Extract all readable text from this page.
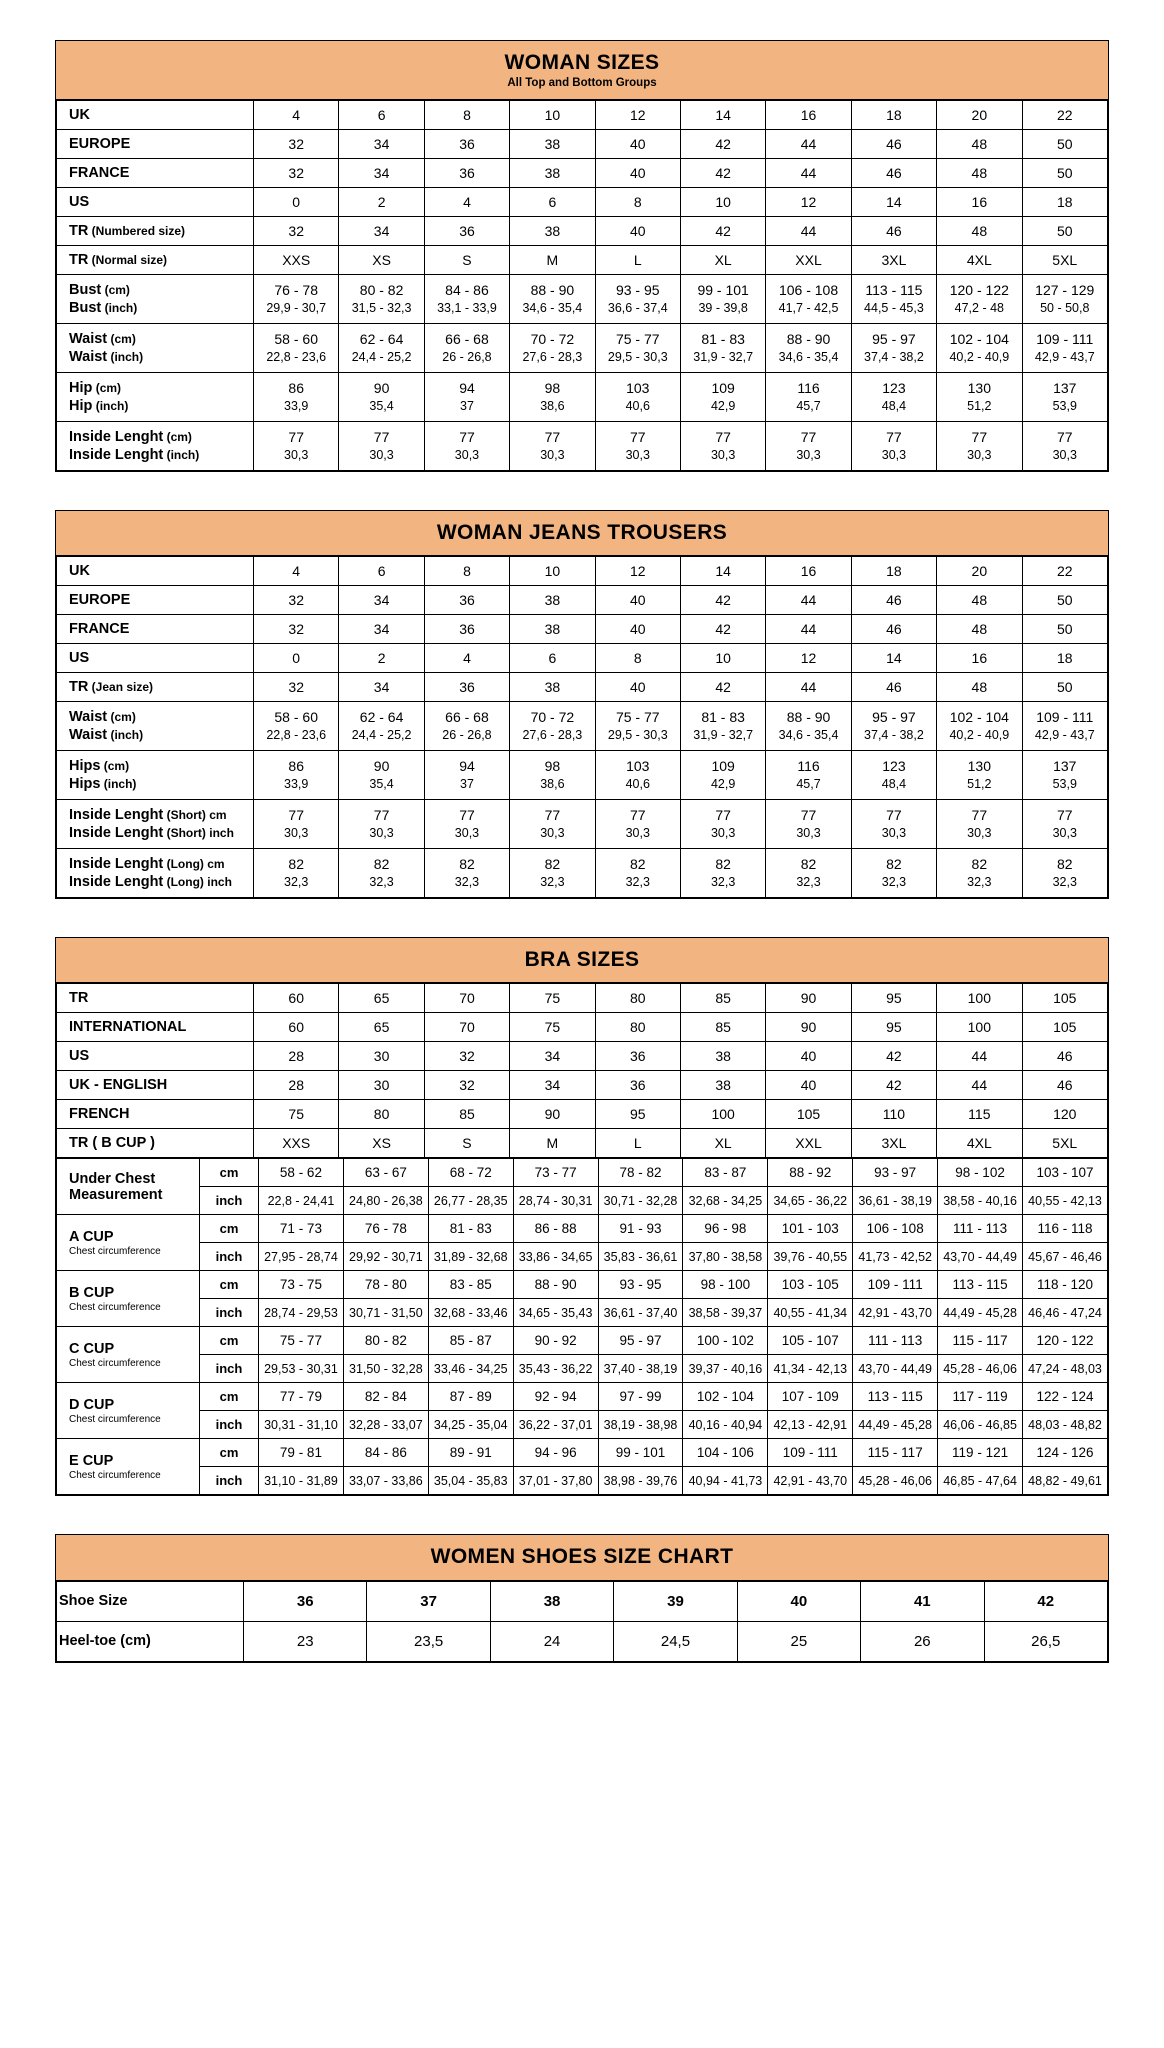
WOMAN SIZES
All Top and Bottom Groups
UK	4	6	8	10	12	14	16	18	20	22
EUROPE	32	34	36	38	40	42	44	46	48	50
FRANCE	32	34	36	38	40	42	44	46	48	50
US	0	2	4	6	8	10	12	14	16	18
TR (Numbered size)	32	34	36	38	40	42	44	46	48	50
TR (Normal size)	XXS	XS	S	M	L	XL	XXL	3XL	4XL	5XL
Bust (cm)	76 - 78	80 - 82	84 - 86	88 - 90	93 - 95	99 - 101	106 - 108	113 - 115	120 - 122	127 - 129
Bust (inch)	29,9 - 30,7	31,5 - 32,3	33,1 - 33,9	34,6 - 35,4	36,6 - 37,4	39 - 39,8	41,7 - 42,5	44,5 - 45,3	47,2 - 48	50 - 50,8
Waist (cm)	58 - 60	62 - 64	66 - 68	70 - 72	75 - 77	81 - 83	88 - 90	95 - 97	102 - 104	109 - 111
Waist (inch)	22,8 - 23,6	24,4 - 25,2	26 - 26,8	27,6 - 28,3	29,5 - 30,3	31,9 - 32,7	34,6 - 35,4	37,4 - 38,2	40,2 - 40,9	42,9 - 43,7
Hip (cm)	86	90	94	98	103	109	116	123	130	137
Hip (inch)	33,9	35,4	37	38,6	40,6	42,9	45,7	48,4	51,2	53,9
Inside Lenght (cm)	77	77	77	77	77	77	77	77	77	77
Inside Lenght (inch)	30,3	30,3	30,3	30,3	30,3	30,3	30,3	30,3	30,3	30,3
WOMAN JEANS TROUSERS
UK	4	6	8	10	12	14	16	18	20	22
EUROPE	32	34	36	38	40	42	44	46	48	50
FRANCE	32	34	36	38	40	42	44	46	48	50
US	0	2	4	6	8	10	12	14	16	18
TR (Jean size)	32	34	36	38	40	42	44	46	48	50
Waist (cm)	58 - 60	62 - 64	66 - 68	70 - 72	75 - 77	81 - 83	88 - 90	95 - 97	102 - 104	109 - 111
Waist (inch)	22,8 - 23,6	24,4 - 25,2	26 - 26,8	27,6 - 28,3	29,5 - 30,3	31,9 - 32,7	34,6 - 35,4	37,4 - 38,2	40,2 - 40,9	42,9 - 43,7
Hips (cm)	86	90	94	98	103	109	116	123	130	137
Hips (inch)	33,9	35,4	37	38,6	40,6	42,9	45,7	48,4	51,2	53,9
Inside Lenght (Short) cm	77	77	77	77	77	77	77	77	77	77
Inside Lenght (Short) inch	30,3	30,3	30,3	30,3	30,3	30,3	30,3	30,3	30,3	30,3
Inside Lenght (Long) cm	82	82	82	82	82	82	82	82	82	82
Inside Lenght (Long) inch	32,3	32,3	32,3	32,3	32,3	32,3	32,3	32,3	32,3	32,3
BRA SIZES
TR	60	65	70	75	80	85	90	95	100	105
INTERNATIONAL	60	65	70	75	80	85	90	95	100	105
US	28	30	32	34	36	38	40	42	44	46
UK - ENGLISH	28	30	32	34	36	38	40	42	44	46
FRENCH	75	80	85	90	95	100	105	110	115	120
TR ( B CUP )	XXS	XS	S	M	L	XL	XXL	3XL	4XL	5XL
Under Chest
Measurement	cm	58 - 62	63 - 67	68 - 72	73 - 77	78 - 82	83 - 87	88 - 92	93 - 97	98 - 102	103 - 107
	inch	22,8 - 24,41	24,80 - 26,38	26,77 - 28,35	28,74 - 30,31	30,71 - 32,28	32,68 - 34,25	34,65 - 36,22	36,61 - 38,19	38,58 - 40,16	40,55 - 42,13
A CUP
Chest circumference	cm	71 - 73	76 - 78	81 - 83	86 - 88	91 - 93	96 - 98	101 - 103	106 - 108	111 - 113	116 - 118
	inch	27,95 - 28,74	29,92 - 30,71	31,89 - 32,68	33,86 - 34,65	35,83 - 36,61	37,80 - 38,58	39,76 - 40,55	41,73 - 42,52	43,70 - 44,49	45,67 - 46,46
B CUP
Chest circumference	cm	73 - 75	78 - 80	83 - 85	88 - 90	93 - 95	98 - 100	103 - 105	109 - 111	113 - 115	118 - 120
	inch	28,74 - 29,53	30,71 - 31,50	32,68 - 33,46	34,65 - 35,43	36,61 - 37,40	38,58 - 39,37	40,55 - 41,34	42,91 - 43,70	44,49 - 45,28	46,46 - 47,24
C CUP
Chest circumference	cm	75 - 77	80 - 82	85 - 87	90 - 92	95 - 97	100 - 102	105 - 107	111 - 113	115 - 117	120 - 122
	inch	29,53 - 30,31	31,50 - 32,28	33,46 - 34,25	35,43 - 36,22	37,40 - 38,19	39,37 - 40,16	41,34 - 42,13	43,70 - 44,49	45,28 - 46,06	47,24 - 48,03
D CUP
Chest circumference	cm	77 - 79	82 - 84	87 - 89	92 - 94	97 - 99	102 - 104	107 - 109	113 - 115	117 - 119	122 - 124
	inch	30,31 - 31,10	32,28 - 33,07	34,25 - 35,04	36,22 - 37,01	38,19 - 38,98	40,16 - 40,94	42,13 - 42,91	44,49 - 45,28	46,06 - 46,85	48,03 - 48,82
E CUP
Chest circumference	cm	79 - 81	84 - 86	89 - 91	94 - 96	99 - 101	104 - 106	109 - 111	115 - 117	119 - 121	124 - 126
	inch	31,10 - 31,89	33,07 - 33,86	35,04 - 35,83	37,01 - 37,80	38,98 - 39,76	40,94 - 41,73	42,91 - 43,70	45,28 - 46,06	46,85 - 47,64	48,82 - 49,61
WOMEN SHOES SIZE CHART
Shoe Size	36	37	38	39	40	41	42
Heel-toe (cm)	23	23,5	24	24,5	25	26	26,5
